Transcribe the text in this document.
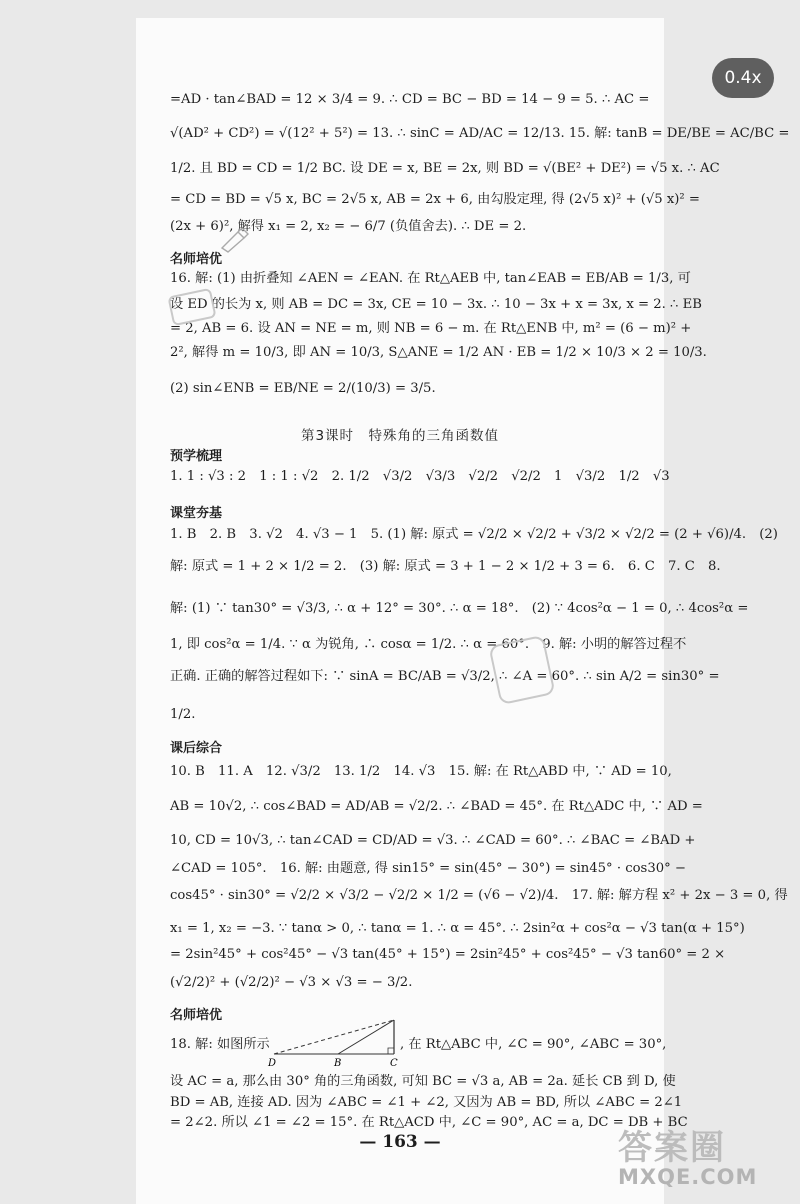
=AD · tan∠BAD = 12 × 3/4 = 9. ∴ CD = BC − BD = 14 − 9 = 5. ∴ AC =
√(AD² + CD²) = √(12² + 5²) = 13. ∴ sinC = AD/AC = 12/13. 15. 解: tanB = DE/BE = AC/BC =
1/2. 且 BD = CD = 1/2 BC. 设 DE = x, BE = 2x, 则 BD = √(BE² + DE²) = √5 x. ∴ AC
= CD = BD = √5 x, BC = 2√5 x, AB = 2x + 6, 由勾股定理, 得 (2√5 x)² + (√5 x)² =
(2x + 6)², 解得 x₁ = 2, x₂ = − 6/7 (负值舍去). ∴ DE = 2.
名师培优
16. 解: (1) 由折叠知 ∠AEN = ∠EAN. 在 Rt△AEB 中, tan∠EAB = EB/AB = 1/3, 可
设 ED 的长为 x, 则 AB = DC = 3x, CE = 10 − 3x. ∴ 10 − 3x + x = 3x, x = 2. ∴ EB
= 2, AB = 6. 设 AN = NE = m, 则 NB = 6 − m. 在 Rt△ENB 中, m² = (6 − m)² +
2², 解得 m = 10/3, 即 AN = 10/3, S△ANE = 1/2 AN · EB = 1/2 × 10/3 × 2 = 10/3.
(2) sin∠ENB = EB/NE = 2/(10/3) = 3/5.
第3课时　特殊角的三角函数值
预学梳理
1. 1 : √3 : 2　1 : 1 : √2　2. 1/2　√3/2　√3/3　√2/2　√2/2　1　√3/2　1/2　√3
课堂夯基
1. B　2. B　3. √2　4. √3 − 1　5. (1) 解: 原式 = √2/2 × √2/2 + √3/2 × √2/2 = (2 + √6)/4.　(2)
解: 原式 = 1 + 2 × 1/2 = 2.　(3) 解: 原式 = 3 + 1 − 2 × 1/2 + 3 = 6.　6. C　7. C　8.
解: (1) ∵ tan30° = √3/3, ∴ α + 12° = 30°. ∴ α = 18°.　(2) ∵ 4cos²α − 1 = 0, ∴ 4cos²α =
1, 即 cos²α = 1/4. ∵ α 为锐角, ∴ cosα = 1/2. ∴ α = 60°.　9. 解: 小明的解答过程不
正确. 正确的解答过程如下: ∵ sinA = BC/AB = √3/2, ∴ ∠A = 60°. ∴ sin A/2 = sin30° =
1/2.
课后综合
10. B　11. A　12. √3/2　13. 1/2　14. √3　15. 解: 在 Rt△ABD 中, ∵ AD = 10,
AB = 10√2, ∴ cos∠BAD = AD/AB = √2/2. ∴ ∠BAD = 45°. 在 Rt△ADC 中, ∵ AD =
10, CD = 10√3, ∴ tan∠CAD = CD/AD = √3. ∴ ∠CAD = 60°. ∴ ∠BAC = ∠BAD +
∠CAD = 105°.　16. 解: 由题意, 得 sin15° = sin(45° − 30°) = sin45° · cos30° −
cos45° · sin30° = √2/2 × √3/2 − √2/2 × 1/2 = (√6 − √2)/4.　17. 解: 解方程 x² + 2x − 3 = 0, 得
x₁ = 1, x₂ = −3. ∵ tanα > 0, ∴ tanα = 1. ∴ α = 45°. ∴ 2sin²α + cos²α − √3 tan(α + 15°)
= 2sin²45° + cos²45° − √3 tan(45° + 15°) = 2sin²45° + cos²45° − √3 tan60° = 2 ×
(√2/2)² + (√2/2)² − √3 × √3 = − 3/2.
名师培优
18. 解: 如图所示	, 在 Rt△ABC 中, ∠C = 90°, ∠ABC = 30°,
设 AC = a, 那么由 30° 角的三角函数, 可知 BC = √3 a, AB = 2a. 延长 CB 到 D, 使
BD = AB, 连接 AD. 因为 ∠ABC = ∠1 + ∠2, 又因为 AB = BD, 所以 ∠ABC = 2∠1
= 2∠2. 所以 ∠1 = ∠2 = 15°. 在 Rt△ACD 中, ∠C = 90°, AC = a, DC = DB + BC
D	B	C
— 163 —
0.4x
答案圈
MXQE.COM
